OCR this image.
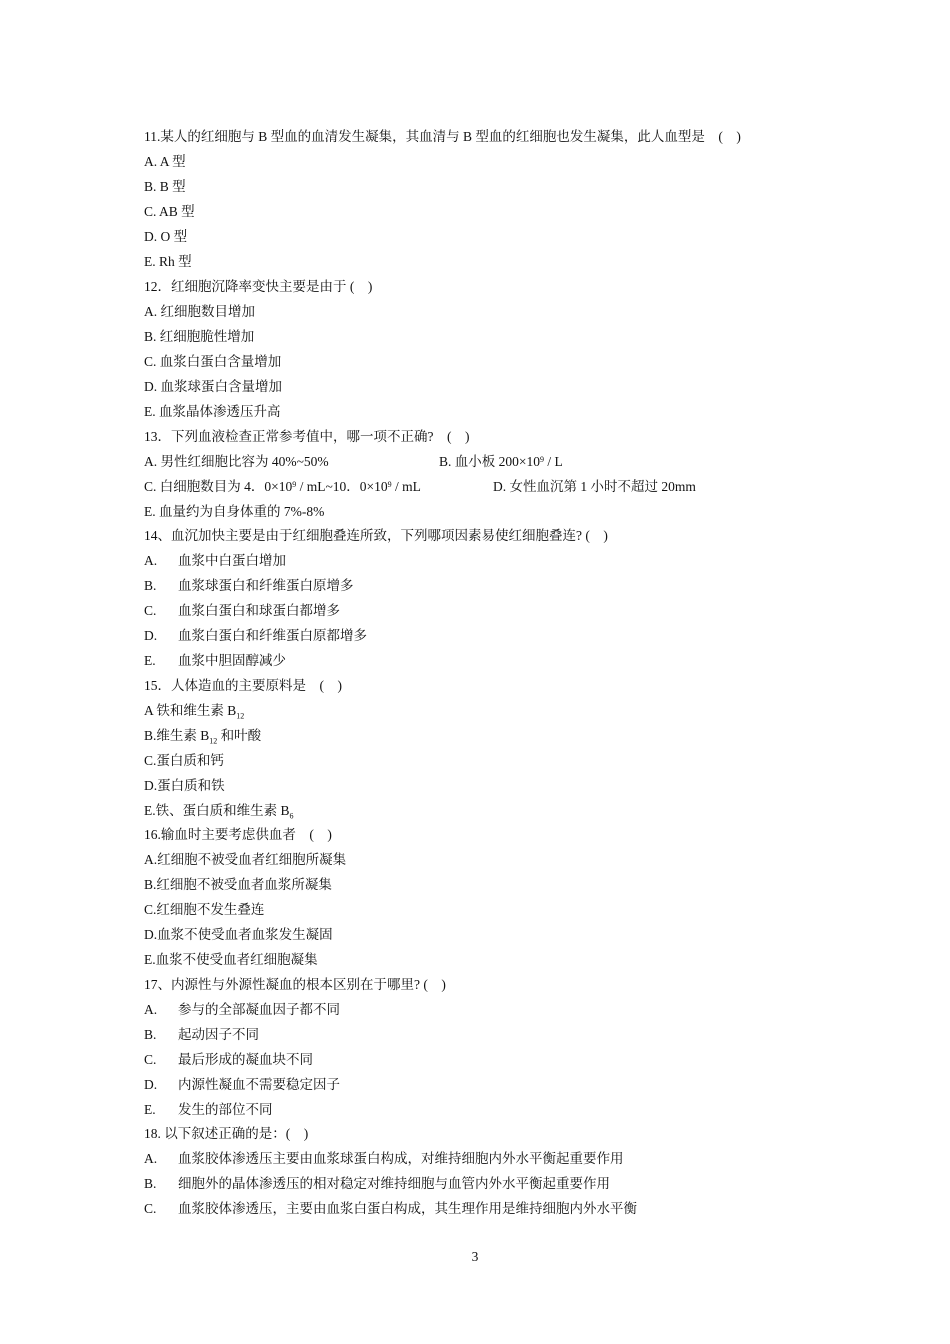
11.某人的红细胞与 B 型血的血清发生凝集，其血清与 B 型血的红细胞也发生凝集，此人血型是　(　)
A. A 型
B. B 型
C. AB 型
D. O 型
E. Rh 型
12．红细胞沉降率变快主要是由于 (　)
A. 红细胞数目增加
B. 红细胞脆性增加
C. 血浆白蛋白含量增加
D. 血浆球蛋白含量增加
E. 血浆晶体渗透压升高
13．下列血液检查正常参考值中，哪一项不正确?　(　)
A. 男性红细胞比容为 40%~50%	B. 血小板 $200\times 10^9 / L$
C. 白细胞数目为 4．$0\times 10^9$ / mL~10．$0\times 10^9$ / mL	D. 女性血沉第 1 小时不超过 20mm
E. 血量约为自身体重的 7%-8%
14、血沉加快主要是由于红细胞叠连所致，下列哪项因素易使红细胞叠连? (　)
A. 血浆中白蛋白增加
B. 血浆球蛋白和纤维蛋白原增多
C. 血浆白蛋白和球蛋白都增多
D. 血浆白蛋白和纤维蛋白原都增多
E. 血浆中胆固醇减少
15．人体造血的主要原料是　(　)
A 铁和维生素 $B_{12}$
B.维生素 $B_{12}$ 和叶酸
C.蛋白质和钙
D.蛋白质和铁
E.铁、蛋白质和维生素 $B_6$
16.输血时主要考虑供血者　(　)
A.红细胞不被受血者红细胞所凝集
B.红细胞不被受血者血浆所凝集
C.红细胞不发生叠连
D.血浆不使受血者血浆发生凝固
E.血浆不使受血者红细胞凝集
17、内源性与外源性凝血的根本区别在于哪里? (　)
A. 参与的全部凝血因子都不同
B. 起动因子不同
C. 最后形成的凝血块不同
D. 内源性凝血不需要稳定因子
E. 发生的部位不同
18. 以下叙述正确的是：(　)
A. 血浆胶体渗透压主要由血浆球蛋白构成，对维持细胞内外水平衡起重要作用
B. 细胞外的晶体渗透压的相对稳定对维持细胞与血管内外水平衡起重要作用
C. 血浆胶体渗透压，主要由血浆白蛋白构成，其生理作用是维持细胞内外水平衡
3
